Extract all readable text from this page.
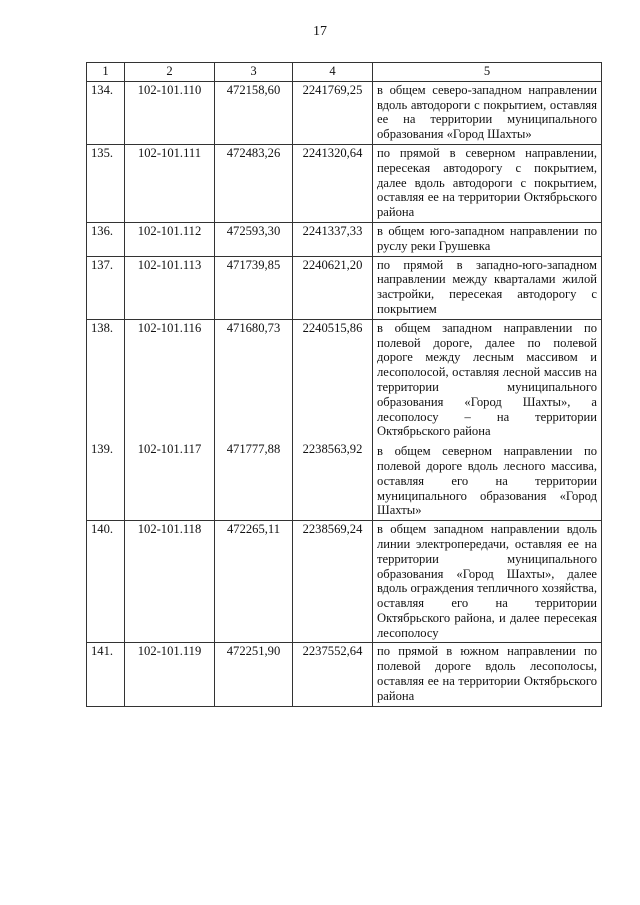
17
1	2	3	4	5
134.	102-101.110	472158,60	2241769,25	в общем северо-западном направлении вдоль автодороги с покрытием, оставляя ее на территории муниципального образования «Город Шахты»
135.	102-101.111	472483,26	2241320,64	по прямой в северном направлении, пересекая автодорогу с покрытием, далее вдоль автодороги с покрытием, оставляя ее на территории Октябрьского района
136.	102-101.112	472593,30	2241337,33	в общем юго-западном направлении по руслу реки Грушевка
137.	102-101.113	471739,85	2240621,20	по прямой в западно-юго-западном направлении между кварталами жилой застройки, пересекая автодорогу с покрытием
138.	102-101.116	471680,73	2240515,86	в общем западном направлении по полевой дороге, далее по полевой дороге между лесным массивом и лесополосой, оставляя лесной массив на территории муниципального образования «Город Шахты», а лесополосу – на территории Октябрьского района
139.	102-101.117	471777,88	2238563,92	в общем северном направлении по полевой дороге вдоль лесного массива, оставляя его на территории муниципального образования «Город Шахты»
140.	102-101.118	472265,11	2238569,24	в общем западном направлении вдоль линии электропередачи, оставляя ее на территории муниципального образования «Город Шахты», далее вдоль ограждения тепличного хозяйства, оставляя его на территории Октябрьского района, и далее пересекая лесополосу
141.	102-101.119	472251,90	2237552,64	по прямой в южном направлении по полевой дороге вдоль лесополосы, оставляя ее на территории Октябрьского района
